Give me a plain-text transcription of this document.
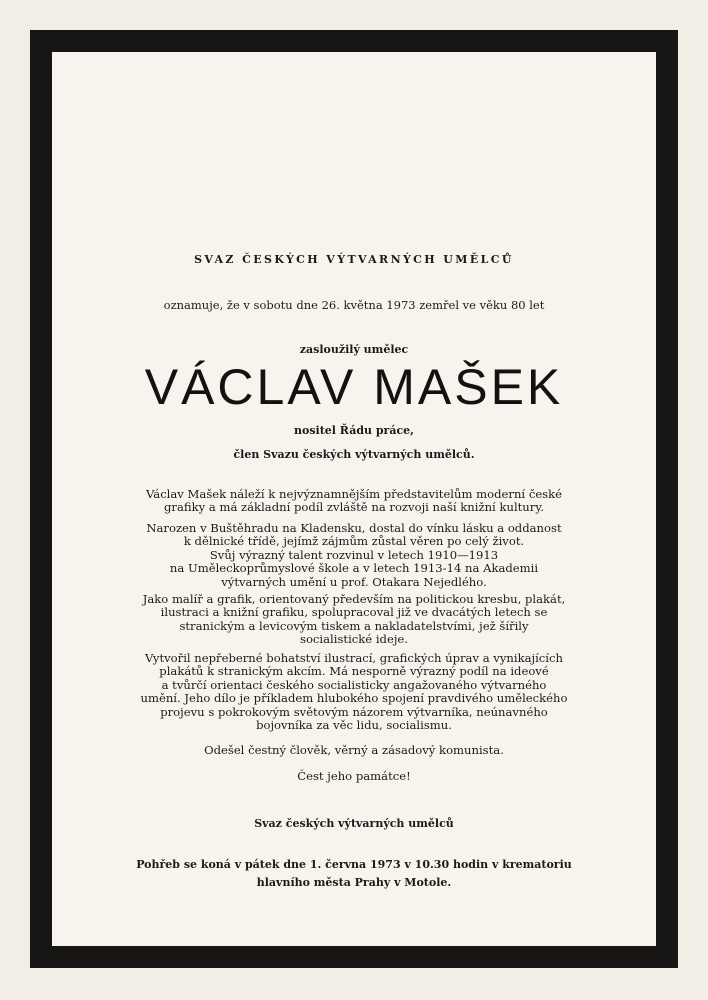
SVAZ ČESKÝCH VÝTVARNÝCH UMĚLCŮ
oznamuje, že v sobotu dne 26. května 1973 zemřel ve věku 80 let
zasloužilý umělec
VÁCLAV MAŠEK
nositel Řádu práce,
člen Svazu českých výtvarných umělců.
Václav Mašek náleží k nejvýznamnějším představitelům moderní české
grafiky a má základní podíl zvláště na rozvoji naší knižní kultury.
Narozen v Buštěhradu na Kladensku, dostal do vínku lásku a oddanost
k dělnické třídě, jejímž zájmům zůstal věren po celý život.
Svůj výrazný talent rozvinul v letech 1910—1913
na Uměleckoprůmyslové škole a v letech 1913-14 na Akademii
výtvarných umění u prof. Otakara Nejedlého.
Jako malíř a grafik, orientovaný především na politickou kresbu, plakát,
ilustraci a knižní grafiku, spolupracoval již ve dvacátých letech se
stranickým a levicovým tiskem a nakladatelstvími, jež šířily
socialistické ideje.
Vytvořil nepřeberné bohatství ilustrací, grafických úprav a vynikajících
plakátů k stranickým akcím. Má nesporně výrazný podíl na ideové
a tvůrčí orientaci českého socialisticky angažovaného výtvarného
umění. Jeho dílo je příkladem hlubokého spojení pravdivého uměleckého
projevu s pokrokovým světovým názorem výtvarníka, neúnavného
bojovníka za věc lidu, socialismu.
Odešel čestný člověk, věrný a zásadový komunista.
Čest jeho památce!
Svaz českých výtvarných umělců
Pohřeb se koná v pátek dne 1. června 1973 v 10.30 hodin v krematoriu
hlavního města Prahy v Motole.
St 04/07 Praha 2, Lípová 6
